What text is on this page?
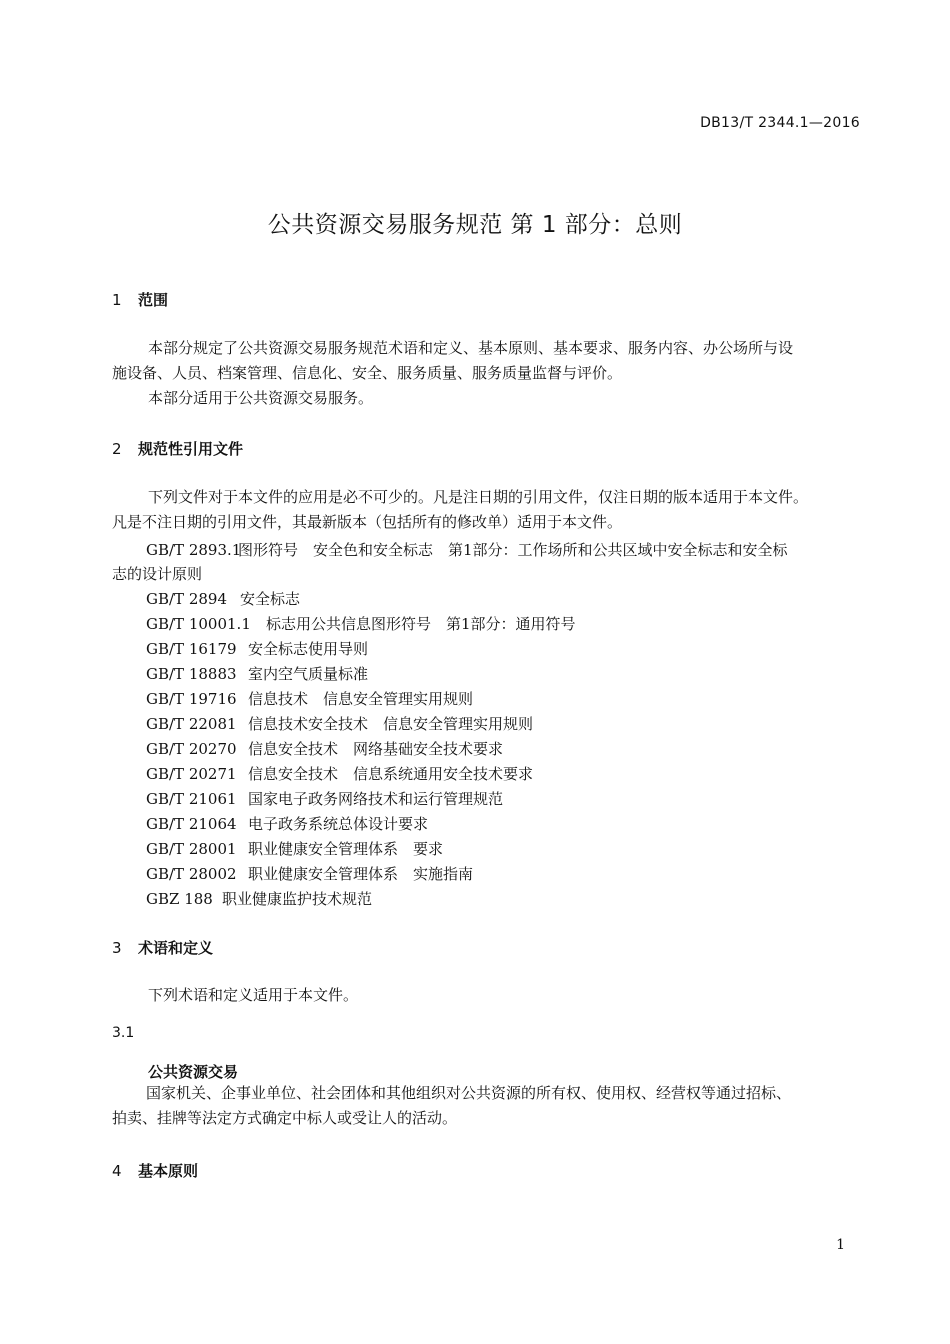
DB13/T 2344.1—2016
公共资源交易服务规范 第 1 部分：总则
1 范围
本部分规定了公共资源交易服务规范术语和定义、基本原则、基本要求、服务内容、办公场所与设
施设备、人员、档案管理、信息化、安全、服务质量、服务质量监督与评价。
本部分适用于公共资源交易服务。
2 规范性引用文件
下列文件对于本文件的应用是必不可少的。凡是注日期的引用文件，仅注日期的版本适用于本文件。
凡是不注日期的引用文件，其最新版本（包括所有的修改单）适用于本文件。
GB/T 2893.1图形符号　安全色和安全标志　第1部分：工作场所和公共区域中安全标志和安全标
志的设计原则
GB/T 2894 安全标志
GB/T 10001.1 标志用公共信息图形符号　第1部分：通用符号
GB/T 16179 安全标志使用导则
GB/T 18883 室内空气质量标准
GB/T 19716 信息技术　信息安全管理实用规则
GB/T 22081 信息技术安全技术　信息安全管理实用规则
GB/T 20270 信息安全技术　网络基础安全技术要求
GB/T 20271 信息安全技术　信息系统通用安全技术要求
GB/T 21061 国家电子政务网络技术和运行管理规范
GB/T 21064 电子政务系统总体设计要求
GB/T 28001 职业健康安全管理体系　要求
GB/T 28002 职业健康安全管理体系　实施指南
GBZ 188 职业健康监护技术规范
3 术语和定义
下列术语和定义适用于本文件。
3.1
公共资源交易
国家机关、企事业单位、社会团体和其他组织对公共资源的所有权、使用权、经营权等通过招标、
拍卖、挂牌等法定方式确定中标人或受让人的活动。
4 基本原则
1
